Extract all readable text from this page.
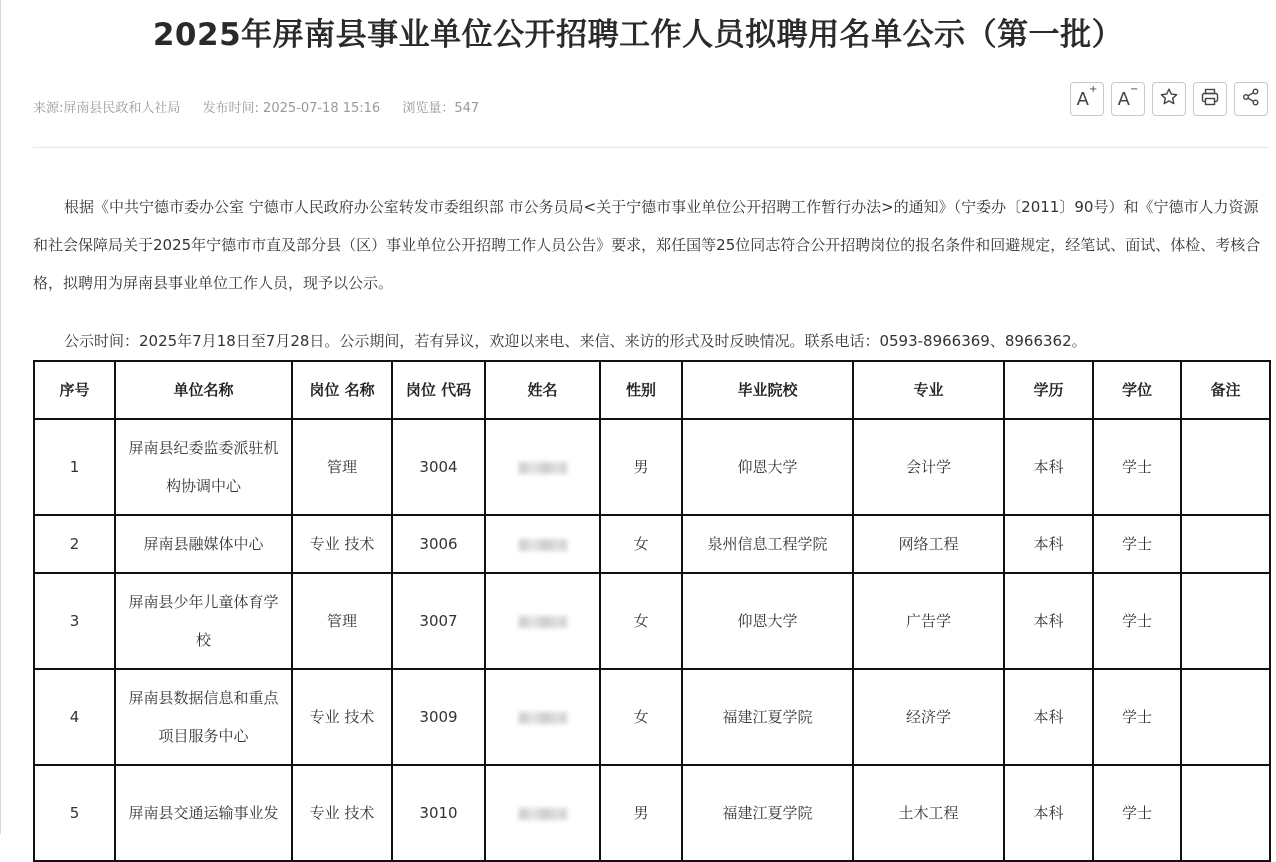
2025年屏南县事业单位公开招聘工作人员拟聘用名单公示（第一批）
来源:屏南县民政和人社局 发布时间: 2025-07-18 15:16 浏览量：547	A+ A−

根据《中共宁德市委办公室 宁德市人民政府办公室转发市委组织部 市公务员局<关于宁德市事业单位公开招聘工作暂行办法>的通知》（宁委办〔2011〕90号）和《宁德市人力资源和社会保障局关于2025年宁德市市直及部分县（区）事业单位公开招聘工作人员公告》要求，郑任国等25位同志符合公开招聘岗位的报名条件和回避规定，经笔试、面试、体检、考核合格，拟聘用为屏南县事业单位工作人员，现予以公示。

公示时间：2025年7月18日至7月28日。公示期间，若有异议，欢迎以来电、来信、来访的形式及时反映情况。联系电话：0593-8966369、8966362。

序号	单位名称	岗位 名称	岗位 代码	姓名	性别	毕业院校	专业	学历	学位	备注
1	屏南县纪委监委派驻机构协调中心	管理	3004		男	仰恩大学	会计学	本科	学士	
2	屏南县融媒体中心	专业 技术	3006		女	泉州信息工程学院	网络工程	本科	学士	
3	屏南县少年儿童体育学校	管理	3007		女	仰恩大学	广告学	本科	学士	
4	屏南县数据信息和重点项目服务中心	专业 技术	3009		女	福建江夏学院	经济学	本科	学士	
5	屏南县交通运输事业发	专业 技术	3010		男	福建江夏学院	土木工程	本科	学士	
